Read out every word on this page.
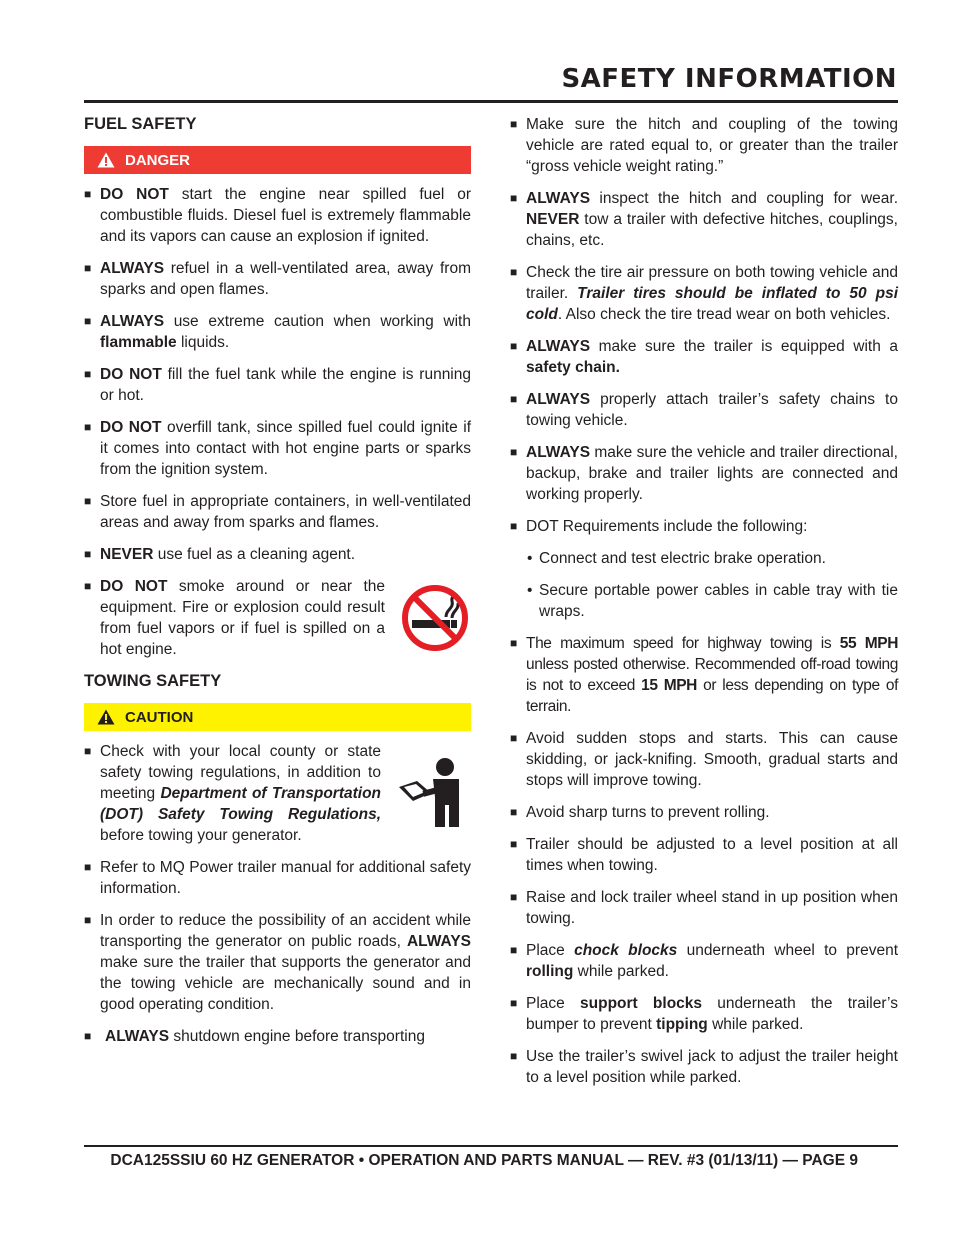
SAFETY INFORMATION
FUEL SAFETY
DANGER
■ DO NOT start the engine near spilled fuel or combustible fluids. Diesel fuel is extremely flammable and its vapors can cause an explosion if ignited.
■ ALWAYS refuel in a well-ventilated area, away from sparks and open flames.
■ ALWAYS use extreme caution when working with flammable liquids.
■ DO NOT fill the fuel tank while the engine is running or hot.
■ DO NOT overfill tank, since spilled fuel could ignite if it comes into contact with hot engine parts or sparks from the ignition system.
■ Store fuel in appropriate containers, in well-ventilated areas and away from sparks and flames.
■ NEVER use fuel as a cleaning agent.
■ DO NOT smoke around or near the equipment. Fire or explosion could result from fuel vapors or if fuel is spilled on a hot engine.
TOWING SAFETY
CAUTION
■ Check with your local county or state safety towing regulations, in addition to meeting Department of Transportation (DOT) Safety Towing Regulations, before towing your generator.
■ Refer to MQ Power trailer manual for additional safety information.
■ In order to reduce the possibility of an accident while transporting the generator on public roads, ALWAYS make sure the trailer that supports the generator and the towing vehicle are mechanically sound and in good operating condition.
■ ALWAYS shutdown engine before transporting
■ Make sure the hitch and coupling of the towing vehicle are rated equal to, or greater than the trailer “gross vehicle weight rating.”
■ ALWAYS inspect the hitch and coupling for wear. NEVER tow a trailer with defective hitches, couplings, chains, etc.
■ Check the tire air pressure on both towing vehicle and trailer. Trailer tires should be inflated to 50 psi cold. Also check the tire tread wear on both vehicles.
■ ALWAYS make sure the trailer is equipped with a safety chain.
■ ALWAYS properly attach trailer’s safety chains to towing vehicle.
■ ALWAYS make sure the vehicle and trailer directional, backup, brake and trailer lights are connected and working properly.
■ DOT Requirements include the following:
• Connect and test electric brake operation.
• Secure portable power cables in cable tray with tie wraps.
■ The maximum speed for highway towing is 55 MPH unless posted otherwise. Recommended off-road towing is not to exceed 15 MPH or less depending on type of terrain.
■ Avoid sudden stops and starts. This can cause skidding, or jack-knifing. Smooth, gradual starts and stops will improve towing.
■ Avoid sharp turns to prevent rolling.
■ Trailer should be adjusted to a level position at all times when towing.
■ Raise and lock trailer wheel stand in up position when towing.
■ Place chock blocks underneath wheel to prevent rolling while parked.
■ Place support blocks underneath the trailer’s bumper to prevent tipping while parked.
■ Use the trailer’s swivel jack to adjust the trailer height to a level position while parked.
DCA125SSIU 60 HZ GENERATOR • OPERATION AND PARTS MANUAL — REV. #3 (01/13/11) — PAGE 9
